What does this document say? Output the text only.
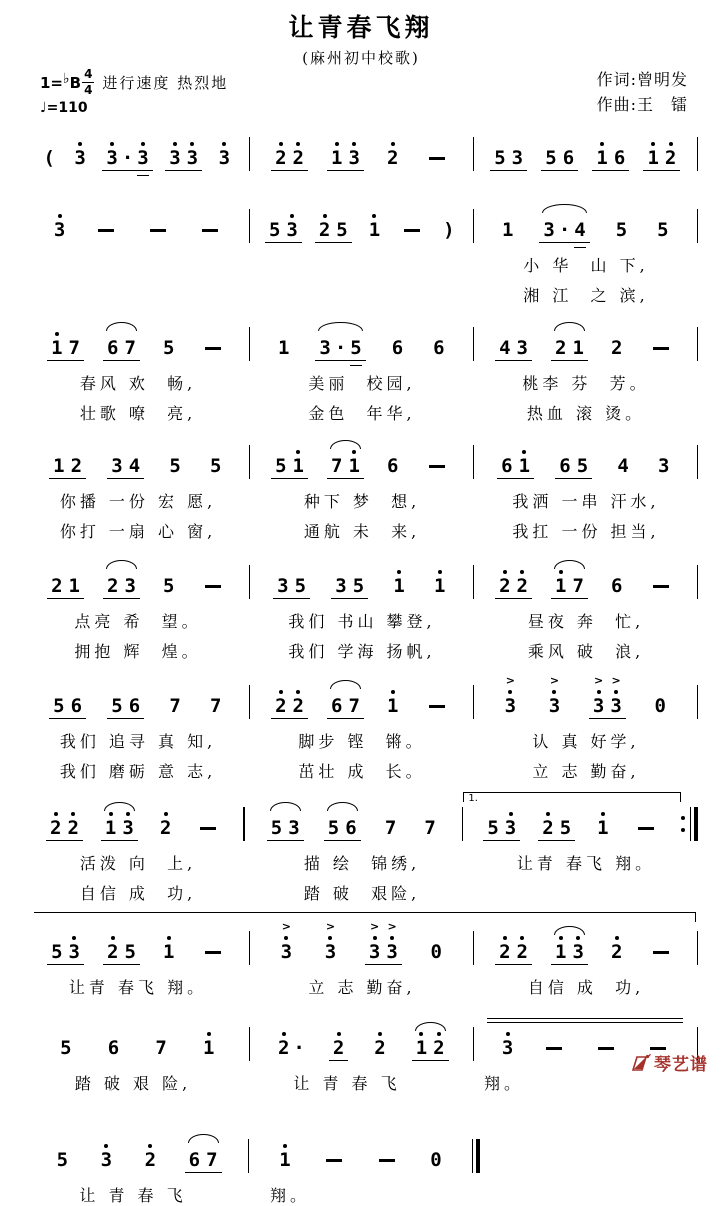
让青春飞翔
(麻州初中校歌)
1= ♭ B $\frac{4}{4}$ 进行速度 热烈地
♩=110
作词:曾明发
作曲:王　镭
( 3 3 · 3 3 3 3 2 2 1 3 2	5 3 5 6 1 6 1 2
3	5 3 2 5 1	) 1 3 · 4 5 5
小 华  山 下,
湘 江  之 滨,
1 7 6 7 5	1 3 · 5 6 6	4 3 2 1 2
春风 欢  畅,	美丽  校园,	桃李 芬  芳。
壮歌 嘹  亮,	金色  年华,	热血 滚 烫。
1 2 3 4 5 5	5 1 7 1 6	6 1 6 5 4 3
你播 一份 宏 愿,	种下 梦  想,	我洒 一串 汗水,
你打 一扇 心 窗,	通航 未  来,	我扛 一份 担当,
2 1 2 3 5	3 5 3 5 1 1	2 2 1 7 6
点亮 希  望。	我们 书山 攀登,	昼夜 奔  忙,
拥抱 辉  煌。	我们 学海 扬帆,	乘风 破  浪,
5 6 5 6 7 7	2 2 6 7 1	3
>
3
>
3
>
3
>
0
我们 追寻 真 知,	脚步 铿  锵。	认 真 好学,
我们 磨砺 意 志,	茁壮 成  长。	立 志 勤奋,
2 2 1 3 2	5 3 5 6 7 7
1.
5 3 2 5 1
活泼 向  上,	描 绘  锦绣,	让青 春飞 翔。
自信 成  功,	踏 破  艰险,
5 3 2 5 1	3
>
3
>
3
>
3
>
0	2 2 1 3 2
让青 春飞 翔。	立 志 勤奋,	自信 成  功,
5 6 7 1	2 · 2 2 1 2	3
踏 破 艰 险,	让 青 春 飞	翔。
5 3 2 6 7	1	0
让 青 春 飞	翔。
琴艺谱
